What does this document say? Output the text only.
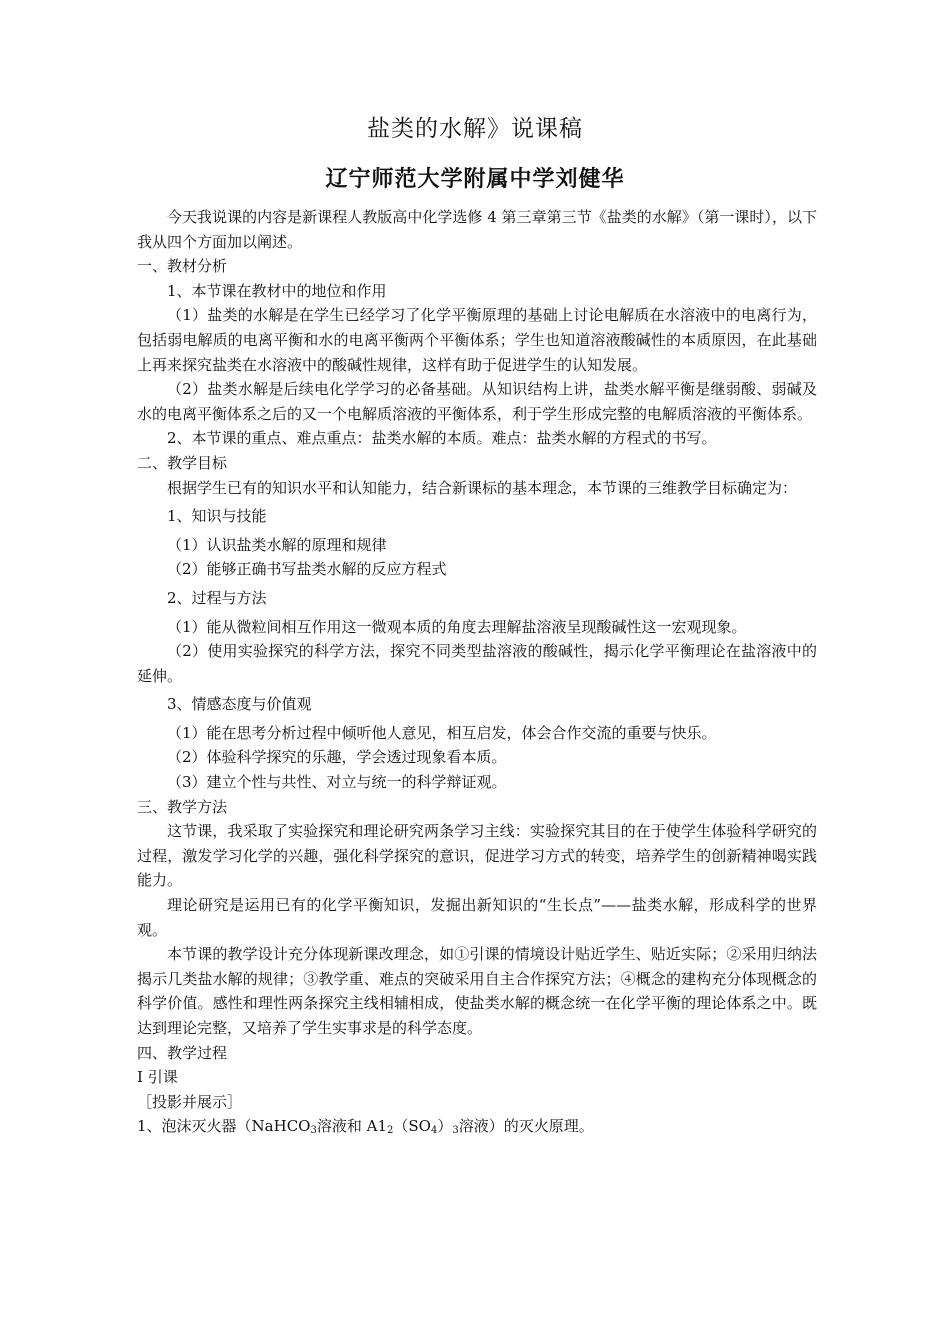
盐类的水解》说课稿
辽宁师范大学附属中学刘健华

今天我说课的内容是新课程人教版高中化学选修 4 第三章第三节《盐类的水解》（第一课时），以下我从四个方面加以阐述。

一、教材分析

1、本节课在教材中的地位和作用

（1）盐类的水解是在学生已经学习了化学平衡原理的基础上讨论电解质在水溶液中的电离行为，包括弱电解质的电离平衡和水的电离平衡两个平衡体系；学生也知道溶液酸碱性的本质原因，在此基础上再来探究盐类在水溶液中的酸碱性规律，这样有助于促进学生的认知发展。

（2）盐类水解是后续电化学学习的必备基础。从知识结构上讲，盐类水解平衡是继弱酸、弱碱及水的电离平衡体系之后的又一个电解质溶液的平衡体系，利于学生形成完整的电解质溶液的平衡体系。

2、本节课的重点、难点重点：盐类水解的本质。难点：盐类水解的方程式的书写。

二、教学目标

根据学生已有的知识水平和认知能力，结合新课标的基本理念，本节课的三维教学目标确定为：

1、知识与技能

（1）认识盐类水解的原理和规律

（2）能够正确书写盐类水解的反应方程式

2、过程与方法

（1）能从微粒间相互作用这一微观本质的角度去理解盐溶液呈现酸碱性这一宏观现象。

（2）使用实验探究的科学方法，探究不同类型盐溶液的酸碱性，揭示化学平衡理论在盐溶液中的延伸。

3、情感态度与价值观

（1）能在思考分析过程中倾听他人意见，相互启发，体会合作交流的重要与快乐。

（2）体验科学探究的乐趣，学会透过现象看本质。

（3）建立个性与共性、对立与统一的科学辩证观。

三、教学方法

这节课，我采取了实验探究和理论研究两条学习主线：实验探究其目的在于使学生体验科学研究的过程，激发学习化学的兴趣，强化科学探究的意识，促进学习方式的转变，培养学生的创新精神喝实践能力。

理论研究是运用已有的化学平衡知识，发掘出新知识的“生长点”——盐类水解，形成科学的世界观。

本节课的教学设计充分体现新课改理念，如①引课的情境设计贴近学生、贴近实际；②采用归纳法揭示几类盐水解的规律；③教学重、难点的突破采用自主合作探究方法；④概念的建构充分体现概念的科学价值。感性和理性两条探究主线相辅相成，使盐类水解的概念统一在化学平衡的理论体系之中。既达到理论完整，又培养了学生实事求是的科学态度。

四、教学过程

I 引课

［投影并展示］

1、泡沫灭火器（NaHCO$_3$溶液和 $A1_2(SO_4)_3$溶液）的灭火原理。
